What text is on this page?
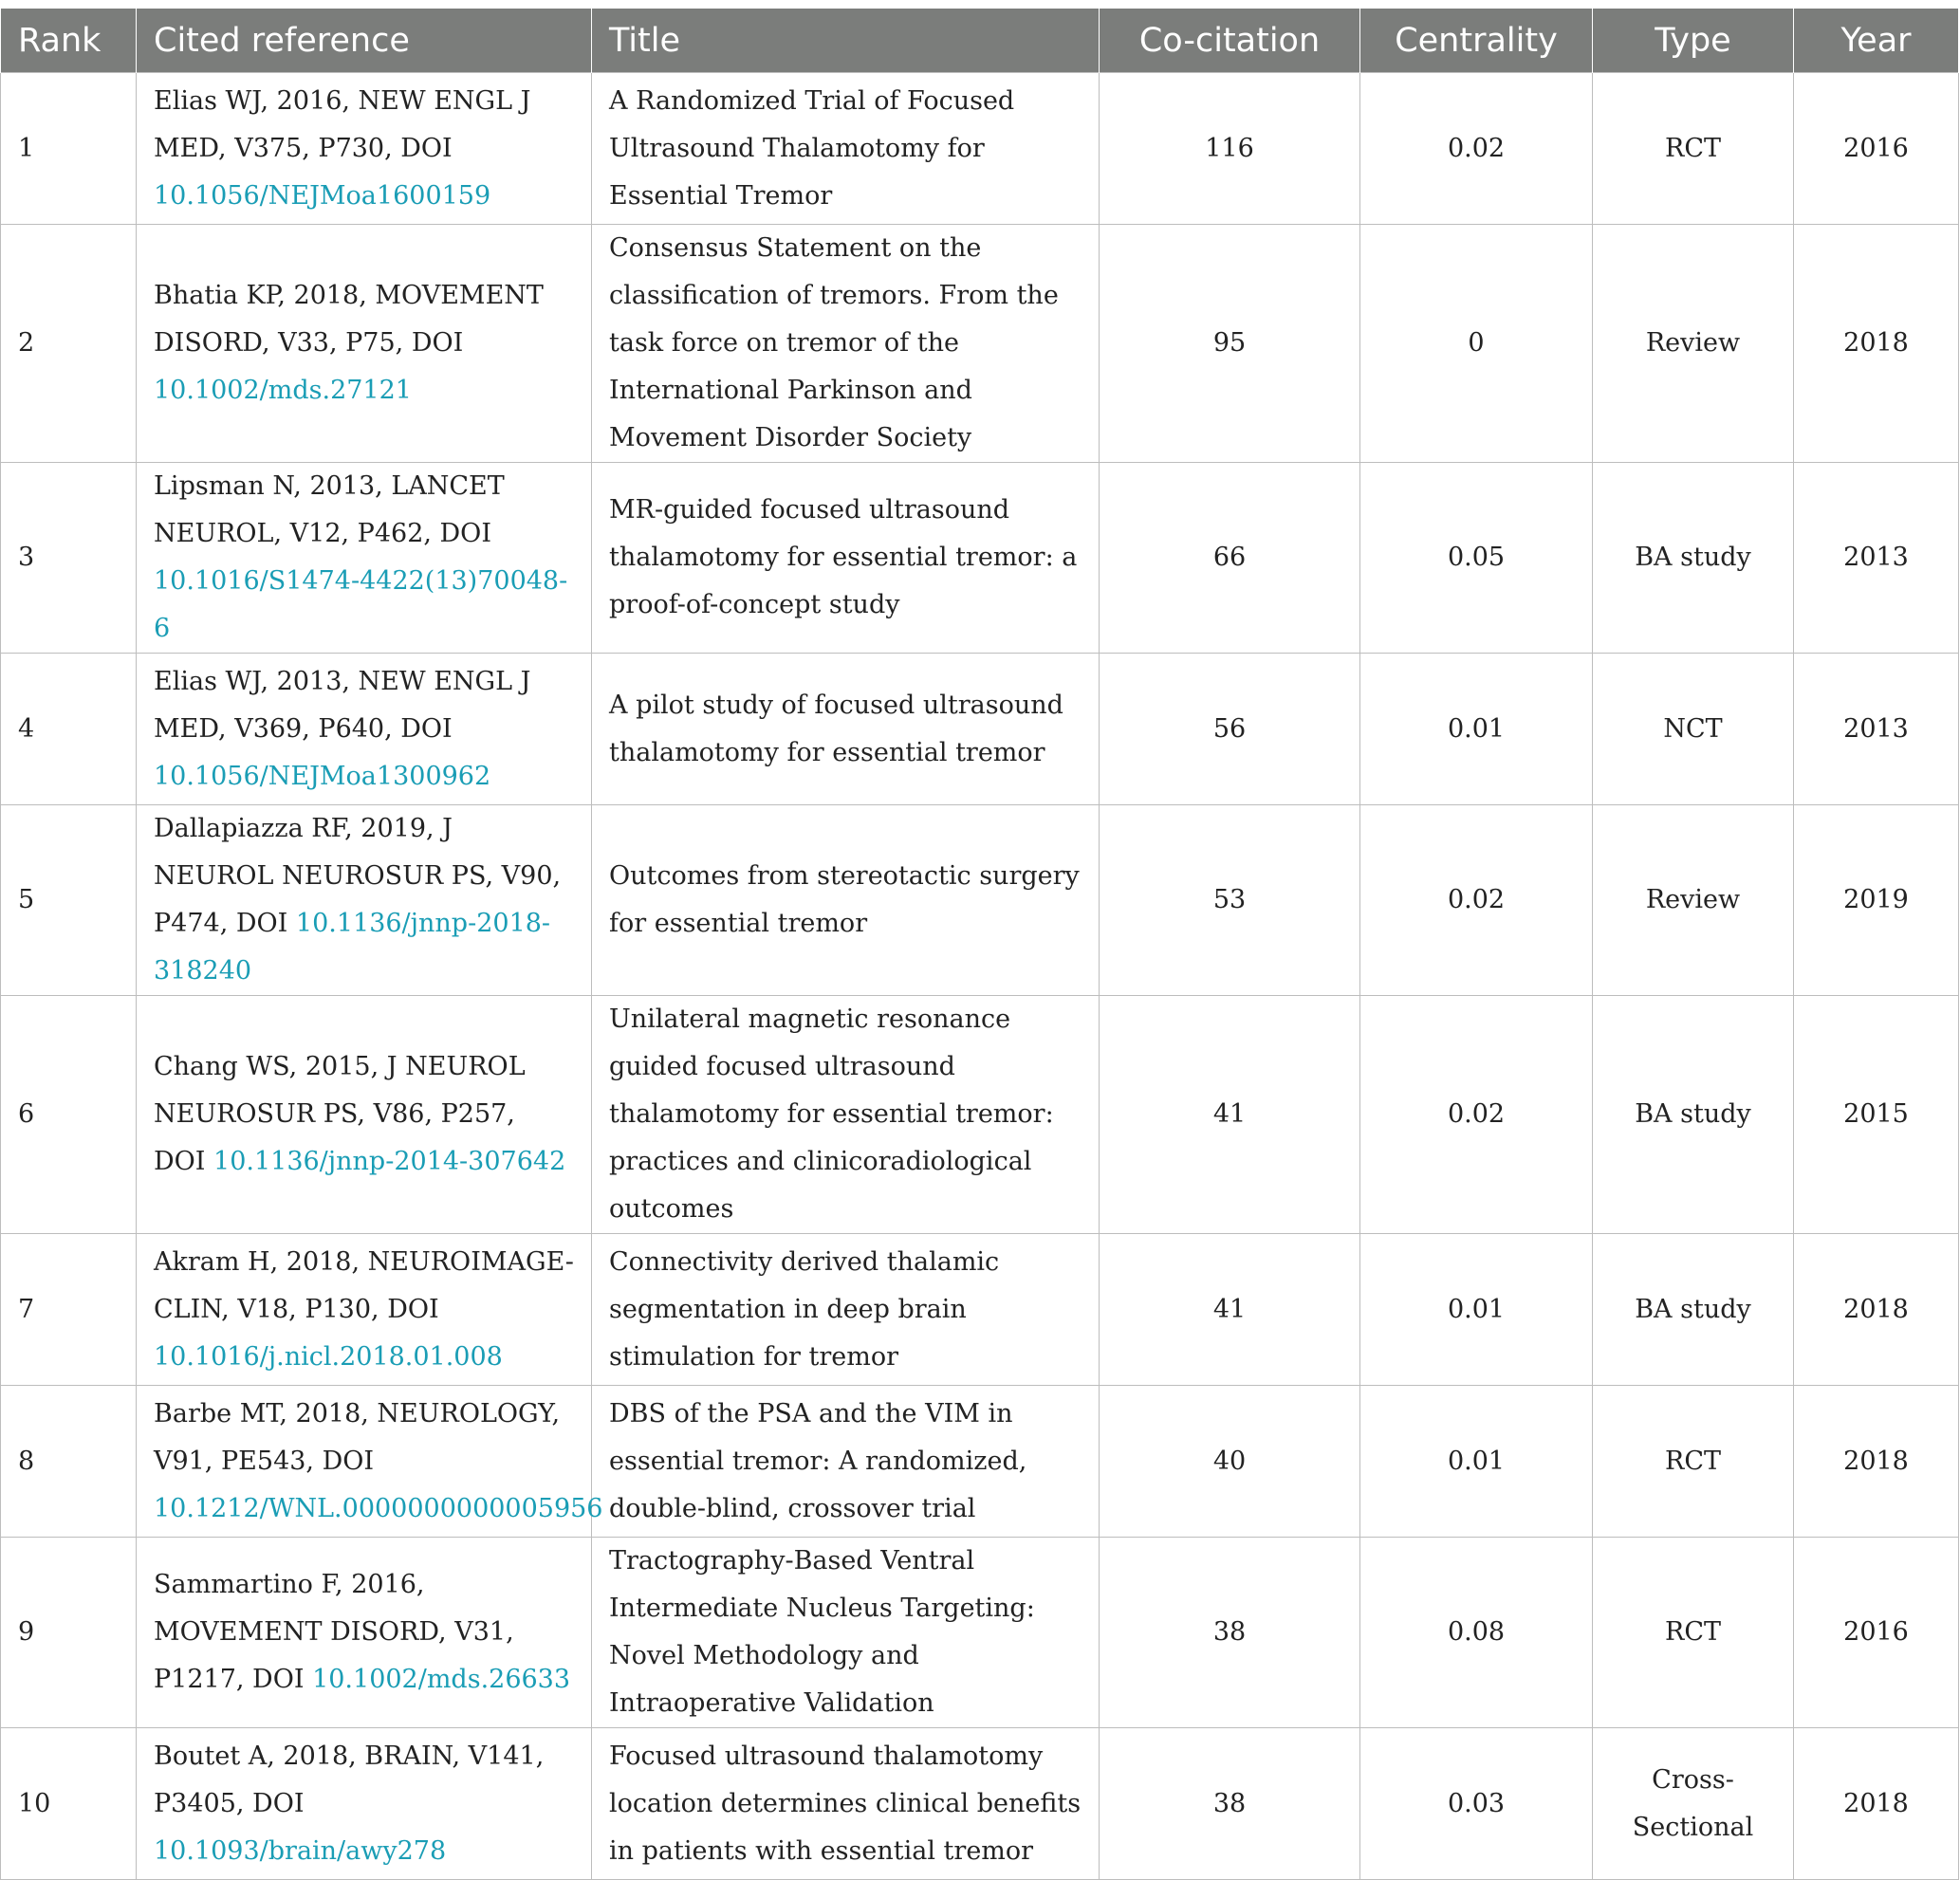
Rank	Cited reference	Title	Co-citation	Centrality	Type	Year
1	Elias WJ, 2016, NEW ENGL J MED, V375, P730, DOI 10.1056/NEJMoa1600159	A Randomized Trial of Focused Ultrasound Thalamotomy for Essential Tremor	116	0.02	RCT	2016
2	Bhatia KP, 2018, MOVEMENT DISORD, V33, P75, DOI 10.1002/mds.27121	Consensus Statement on the classification of tremors. From the task force on tremor of the International Parkinson and Movement Disorder Society	95	0	Review	2018
3	Lipsman N, 2013, LANCET NEUROL, V12, P462, DOI 10.1016/S1474-4422(13)70048-6	MR-guided focused ultrasound thalamotomy for essential tremor: a proof-of-concept study	66	0.05	BA study	2013
4	Elias WJ, 2013, NEW ENGL J MED, V369, P640, DOI 10.1056/NEJMoa1300962	A pilot study of focused ultrasound thalamotomy for essential tremor	56	0.01	NCT	2013
5	Dallapiazza RF, 2019, J NEUROL NEUROSUR PS, V90, P474, DOI 10.1136/jnnp-2018-318240	Outcomes from stereotactic surgery for essential tremor	53	0.02	Review	2019
6	Chang WS, 2015, J NEUROL NEUROSUR PS, V86, P257, DOI 10.1136/jnnp-2014-307642	Unilateral magnetic resonance guided focused ultrasound thalamotomy for essential tremor: practices and clinicoradiological outcomes	41	0.02	BA study	2015
7	Akram H, 2018, NEUROIMAGE-CLIN, V18, P130, DOI 10.1016/j.nicl.2018.01.008	Connectivity derived thalamic segmentation in deep brain stimulation for tremor	41	0.01	BA study	2018
8	Barbe MT, 2018, NEUROLOGY, V91, PE543, DOI 10.1212/WNL.0000000000005956	DBS of the PSA and the VIM in essential tremor: A randomized, double-blind, crossover trial	40	0.01	RCT	2018
9	Sammartino F, 2016, MOVEMENT DISORD, V31, P1217, DOI 10.1002/mds.26633	Tractography-Based Ventral Intermediate Nucleus Targeting: Novel Methodology and Intraoperative Validation	38	0.08	RCT	2016
10	Boutet A, 2018, BRAIN, V141, P3405, DOI 10.1093/brain/awy278	Focused ultrasound thalamotomy location determines clinical benefits in patients with essential tremor	38	0.03	Cross-Sectional	2018
